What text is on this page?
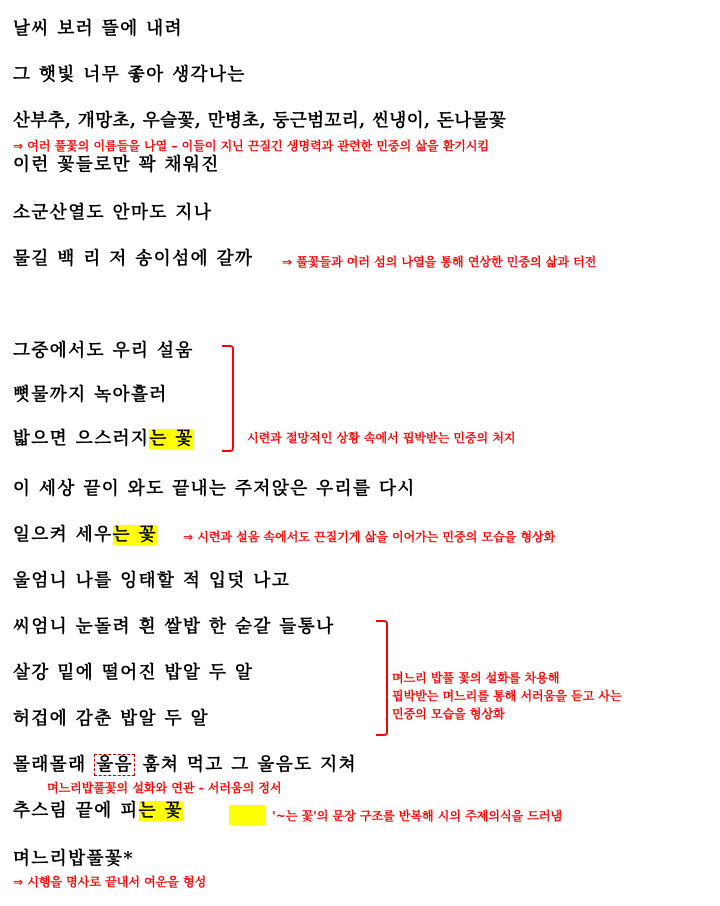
날씨 보러 뜰에 내려
그 햇빛 너무 좋아 생각나는
산부추, 개망초, 우슬꽃, 만병초, 둥근범꼬리, 씬냉이, 돈나물꽃
⇒ 여러 풀꽃의 이름들을 나열 – 이들이 지닌 끈질긴 생명력과 관련한 민중의 삶을 환기시킴
이런 꽃들로만 꽉 채워진
소군산열도 안마도 지나
물길 백 리 저 송이섬에 갈까 ⇒ 풀꽃들과 여러 섬의 나열을 통해 연상한 민중의 삶과 터전
그중에서도 우리 설움
뼛물까지 녹아흘러
밟으면 으스러지는 꽃	시련과 절망적인 상황 속에서 핍박받는 민중의 처지
이 세상 끝이 와도 끝내는 주저앉은 우리를 다시
일으켜 세우는 꽃 ⇒ 시련과 설움 속에서도 끈질기게 삶을 이어가는 민중의 모습을 형상화
울엄니 나를 잉태할 적 입덧 나고
씨엄니 눈돌려 흰 쌀밥 한 숟갈 들통나
살강 밑에 떨어진 밥알 두 알
허겁에 감춘 밥알 두 알
며느리 밥풀 꽃의 설화를 차용해
핍박받는 며느리를 통해 서러움을 듣고 사는
민중의 모습을 형상화
몰래몰래 울음 훔쳐 먹고 그 울음도 지쳐
며느리밥풀꽃의 설화와 연관 - 서러움의 정서
추스림 끝에 피는 꽃	'~는 꽃'의 문장 구조를 반복해 시의 주제의식을 드러냄
며느리밥풀꽃*
⇒ 시행을 명사로 끝내서 여운을 형성
